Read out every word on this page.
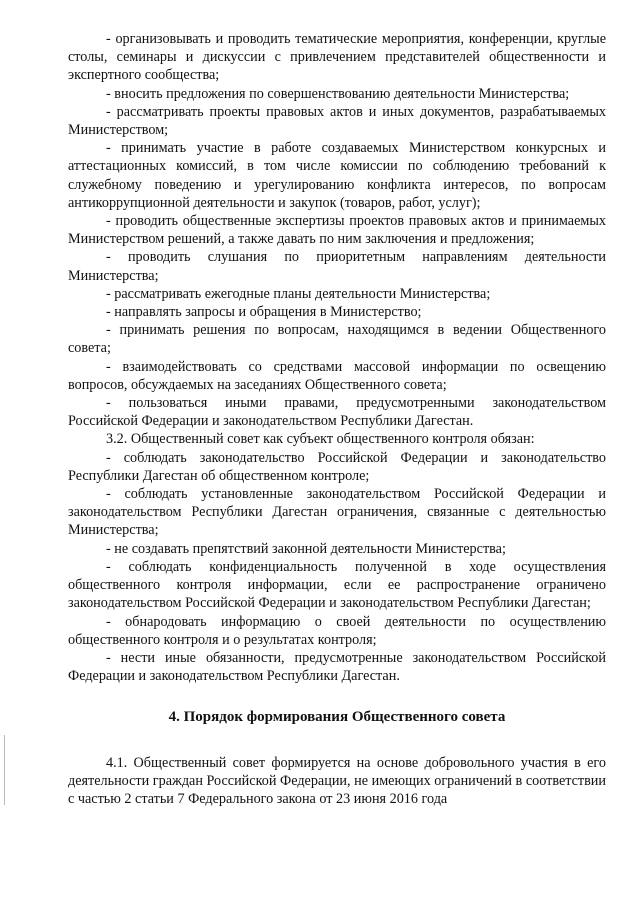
- организовывать и проводить тематические мероприятия, конференции, круглые столы, семинары и дискуссии с привлечением представителей общественности и экспертного сообщества;

- вносить предложения по совершенствованию деятельности Министерства;

- рассматривать проекты правовых актов и иных документов, разрабатываемых Министерством;

- принимать участие в работе создаваемых Министерством конкурсных и аттестационных комиссий, в том числе комиссии по соблюдению требований к служебному поведению и урегулированию конфликта интересов, по вопросам антикоррупционной деятельности и закупок (товаров, работ, услуг);

- проводить общественные экспертизы проектов правовых актов и принимаемых Министерством решений, а также давать по ним заключения и предложения;

- проводить слушания по приоритетным направлениям деятельности Министерства;

- рассматривать ежегодные планы деятельности Министерства;

- направлять запросы и обращения в Министерство;

- принимать решения по вопросам, находящимся в ведении Общественного совета;

- взаимодействовать со средствами массовой информации по освещению вопросов, обсуждаемых на заседаниях Общественного совета;

- пользоваться иными правами, предусмотренными законодательством Российской Федерации и законодательством Республики Дагестан.

3.2. Общественный совет как субъект общественного контроля обязан:

- соблюдать законодательство Российской Федерации и законодательство Республики Дагестан об общественном контроле;

- соблюдать установленные законодательством Российской Федерации и законодательством Республики Дагестан ограничения, связанные с деятельностью Министерства;

- не создавать препятствий законной деятельности Министерства;

- соблюдать конфиденциальность полученной в ходе осуществления общественного контроля информации, если ее распространение ограничено законодательством Российской Федерации и законодательством Республики Дагестан;

- обнародовать информацию о своей деятельности по осуществлению общественного контроля и о результатах контроля;

- нести иные обязанности, предусмотренные законодательством Российской Федерации и законодательством Республики Дагестан.

4. Порядок формирования Общественного совета

4.1. Общественный совет формируется на основе добровольного участия в его деятельности граждан Российской Федерации, не имеющих ограничений в соответствии с частью 2 статьи 7 Федерального закона от 23 июня 2016 года
